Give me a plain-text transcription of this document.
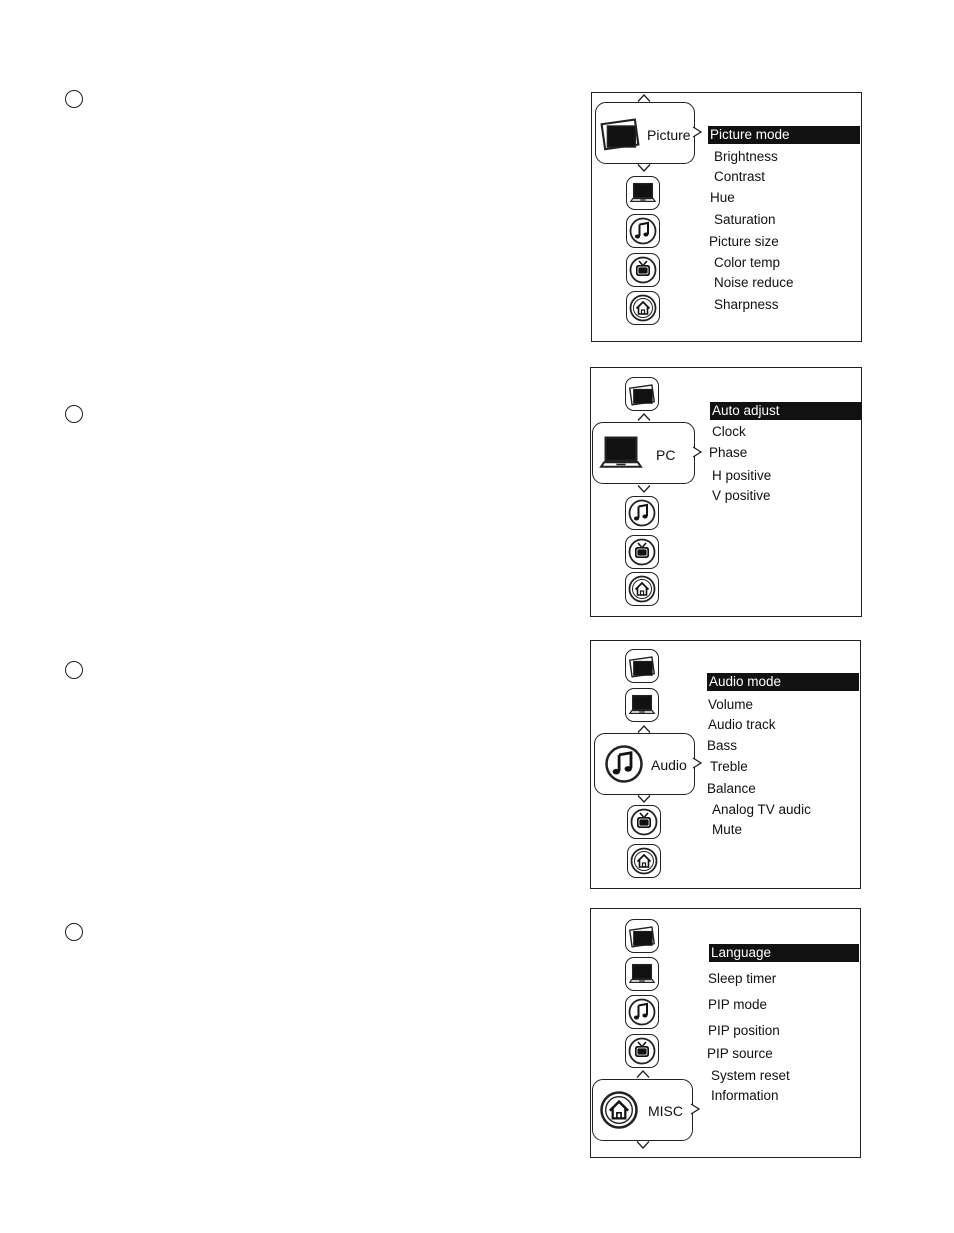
Picture Picture mode
Brightness
Contrast
Hue
Saturation
Picture size
Color temp
Noise reduce
Sharpness
PC
Auto adjust
Clock
Phase
H positive
V positive
Audio
Audio mode
Volume
Audio track
Bass
Treble
Balance
Analog TV audic
Mute
MISC
Language
Sleep timer
PIP mode
PIP position
PIP source
System reset
Information
